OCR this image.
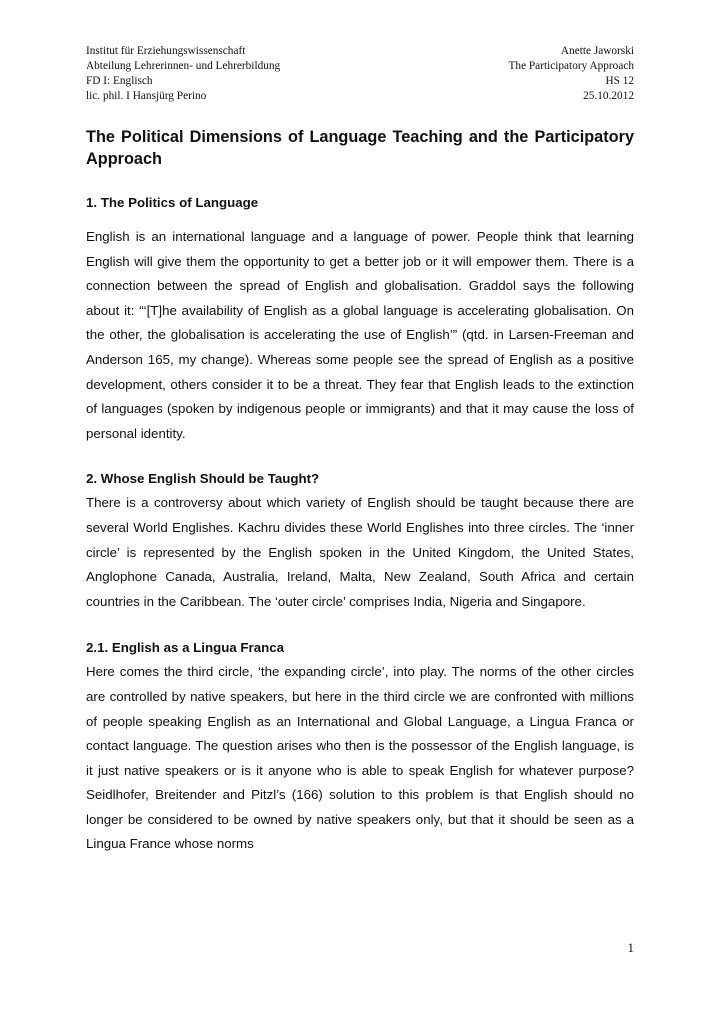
Institut für Erziehungswissenschaft
Abteilung Lehrerinnen- und Lehrerbildung
FD I: Englisch
lic. phil. I Hansjürg Perino
Anette Jaworski
The Participatory Approach
HS 12
25.10.2012
The Political Dimensions of Language Teaching and the Participatory Approach
1. The Politics of Language

English is an international language and a language of power. People think that learning English will give them the opportunity to get a better job or it will empower them. There is a connection between the spread of English and globalisation. Graddol says the following about it: “‘[T]he availability of English as a global language is accelerating globalisation. On the other, the globalisation is accelerating the use of English’” (qtd. in Larsen-Freeman and Anderson 165, my change). Whereas some people see the spread of English as a positive development, others consider it to be a threat. They fear that English leads to the extinction of languages (spoken by indigenous people or immigrants) and that it may cause the loss of personal identity.

2. Whose English Should be Taught?

There is a controversy about which variety of English should be taught because there are several World Englishes. Kachru divides these World Englishes into three circles. The ‘inner circle’ is represented by the English spoken in the United Kingdom, the United States, Anglophone Canada, Australia, Ireland, Malta, New Zealand, South Africa and certain countries in the Caribbean. The ‘outer circle’ comprises India, Nigeria and Singapore.

2.1. English as a Lingua Franca

Here comes the third circle, ‘the expanding circle’, into play. The norms of the other circles are controlled by native speakers, but here in the third circle we are confronted with millions of people speaking English as an International and Global Language, a Lingua Franca or contact language. The question arises who then is the possessor of the English language, is it just native speakers or is it anyone who is able to speak English for whatever purpose? Seidlhofer, Breitender and Pitzl’s (166) solution to this problem is that English should no longer be considered to be owned by native speakers only, but that it should be seen as a Lingua France whose norms

1
